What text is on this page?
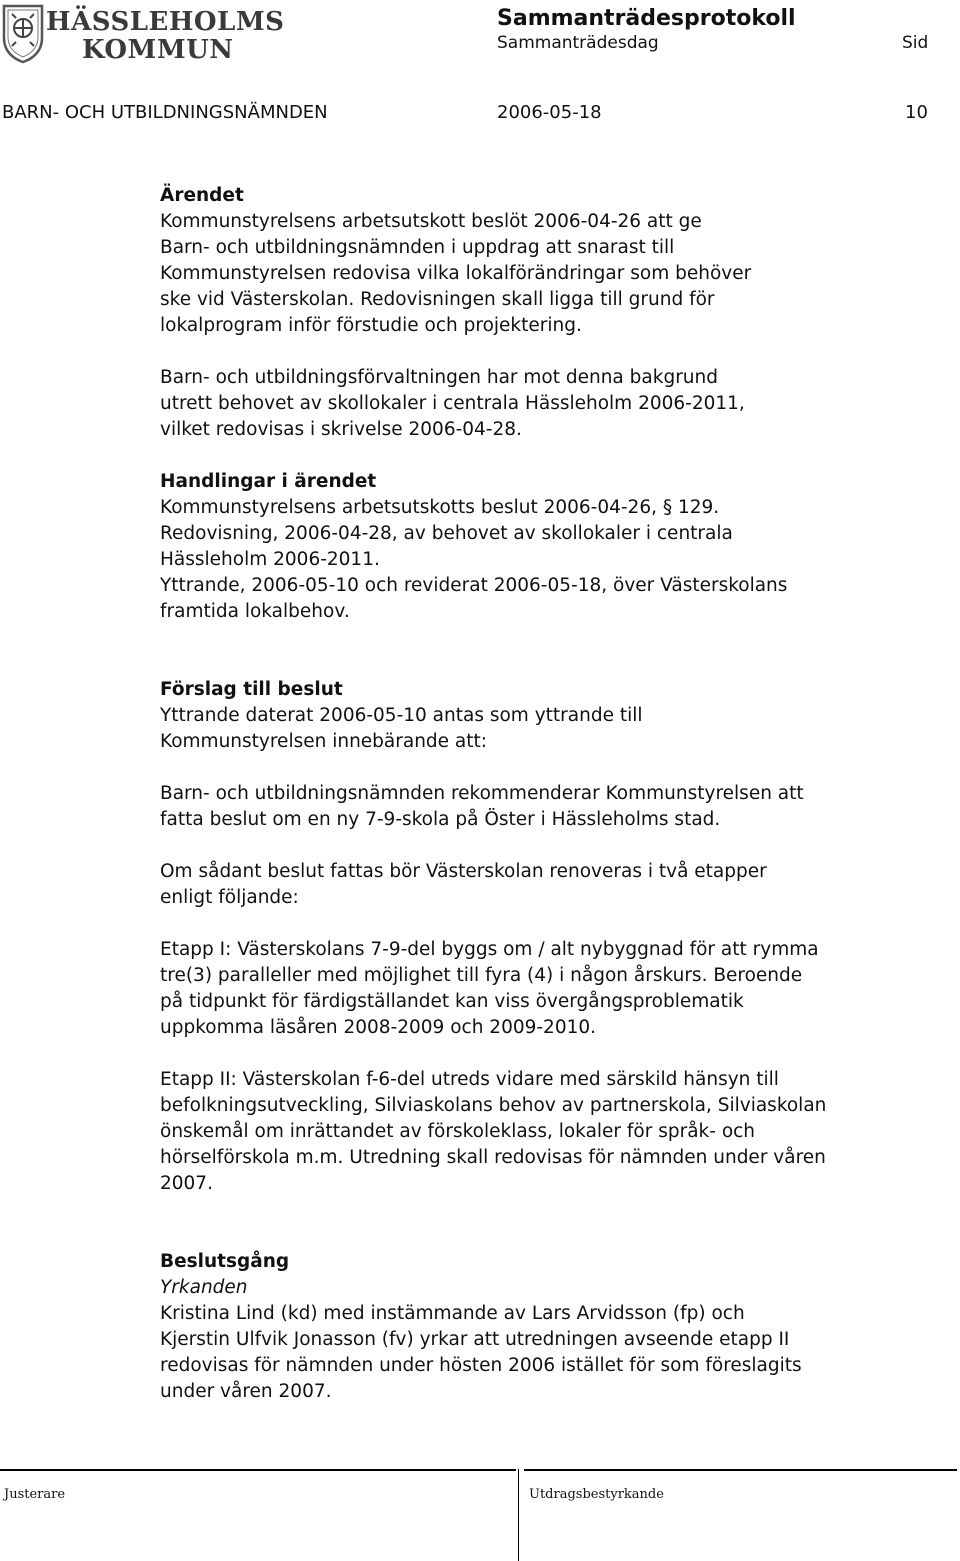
HÄSSLEHOLMS
KOMMUN
Sammanträdesprotokoll
Sammanträdesdag	Sid
BARN- OCH UTBILDNINGSNÄMNDEN	2006-05-18	10
Ärendet
Kommunstyrelsens arbetsutskott beslöt 2006-04-26 att ge
Barn- och utbildningsnämnden i uppdrag att snarast till
Kommunstyrelsen redovisa vilka lokalförändringar som behöver
ske vid Västerskolan. Redovisningen skall ligga till grund för
lokalprogram inför förstudie och projektering.
Barn- och utbildningsförvaltningen har mot denna bakgrund
utrett behovet av skollokaler i centrala Hässleholm 2006-2011,
vilket redovisas i skrivelse 2006-04-28.
Handlingar i ärendet
Kommunstyrelsens arbetsutskotts beslut 2006-04-26, § 129.
Redovisning, 2006-04-28, av behovet av skollokaler i centrala
Hässleholm 2006-2011.
Yttrande, 2006-05-10 och reviderat 2006-05-18, över Västerskolans
framtida lokalbehov.
Förslag till beslut
Yttrande daterat 2006-05-10 antas som yttrande till
Kommunstyrelsen innebärande att:
Barn- och utbildningsnämnden rekommenderar Kommunstyrelsen att
fatta beslut om en ny 7-9-skola på Öster i Hässleholms stad.
Om sådant beslut fattas bör Västerskolan renoveras i två etapper
enligt följande:
Etapp I: Västerskolans 7-9-del byggs om / alt nybyggnad för att rymma
tre(3) paralleller med möjlighet till fyra (4) i någon årskurs. Beroende
på tidpunkt för färdigställandet kan viss övergångsproblematik
uppkomma läsåren 2008-2009 och 2009-2010.
Etapp II: Västerskolan f-6-del utreds vidare med särskild hänsyn till
befolkningsutveckling, Silviaskolans behov av partnerskola, Silviaskolan
önskemål om inrättandet av förskoleklass, lokaler för språk- och
hörselförskola m.m. Utredning skall redovisas för nämnden under våren
2007.
Beslutsgång
Yrkanden
Kristina Lind (kd) med instämmande av Lars Arvidsson (fp) och
Kjerstin Ulfvik Jonasson (fv) yrkar att utredningen avseende etapp II
redovisas för nämnden under hösten 2006 istället för som föreslagits
under våren 2007.
Justerare	Utdragsbestyrkande
